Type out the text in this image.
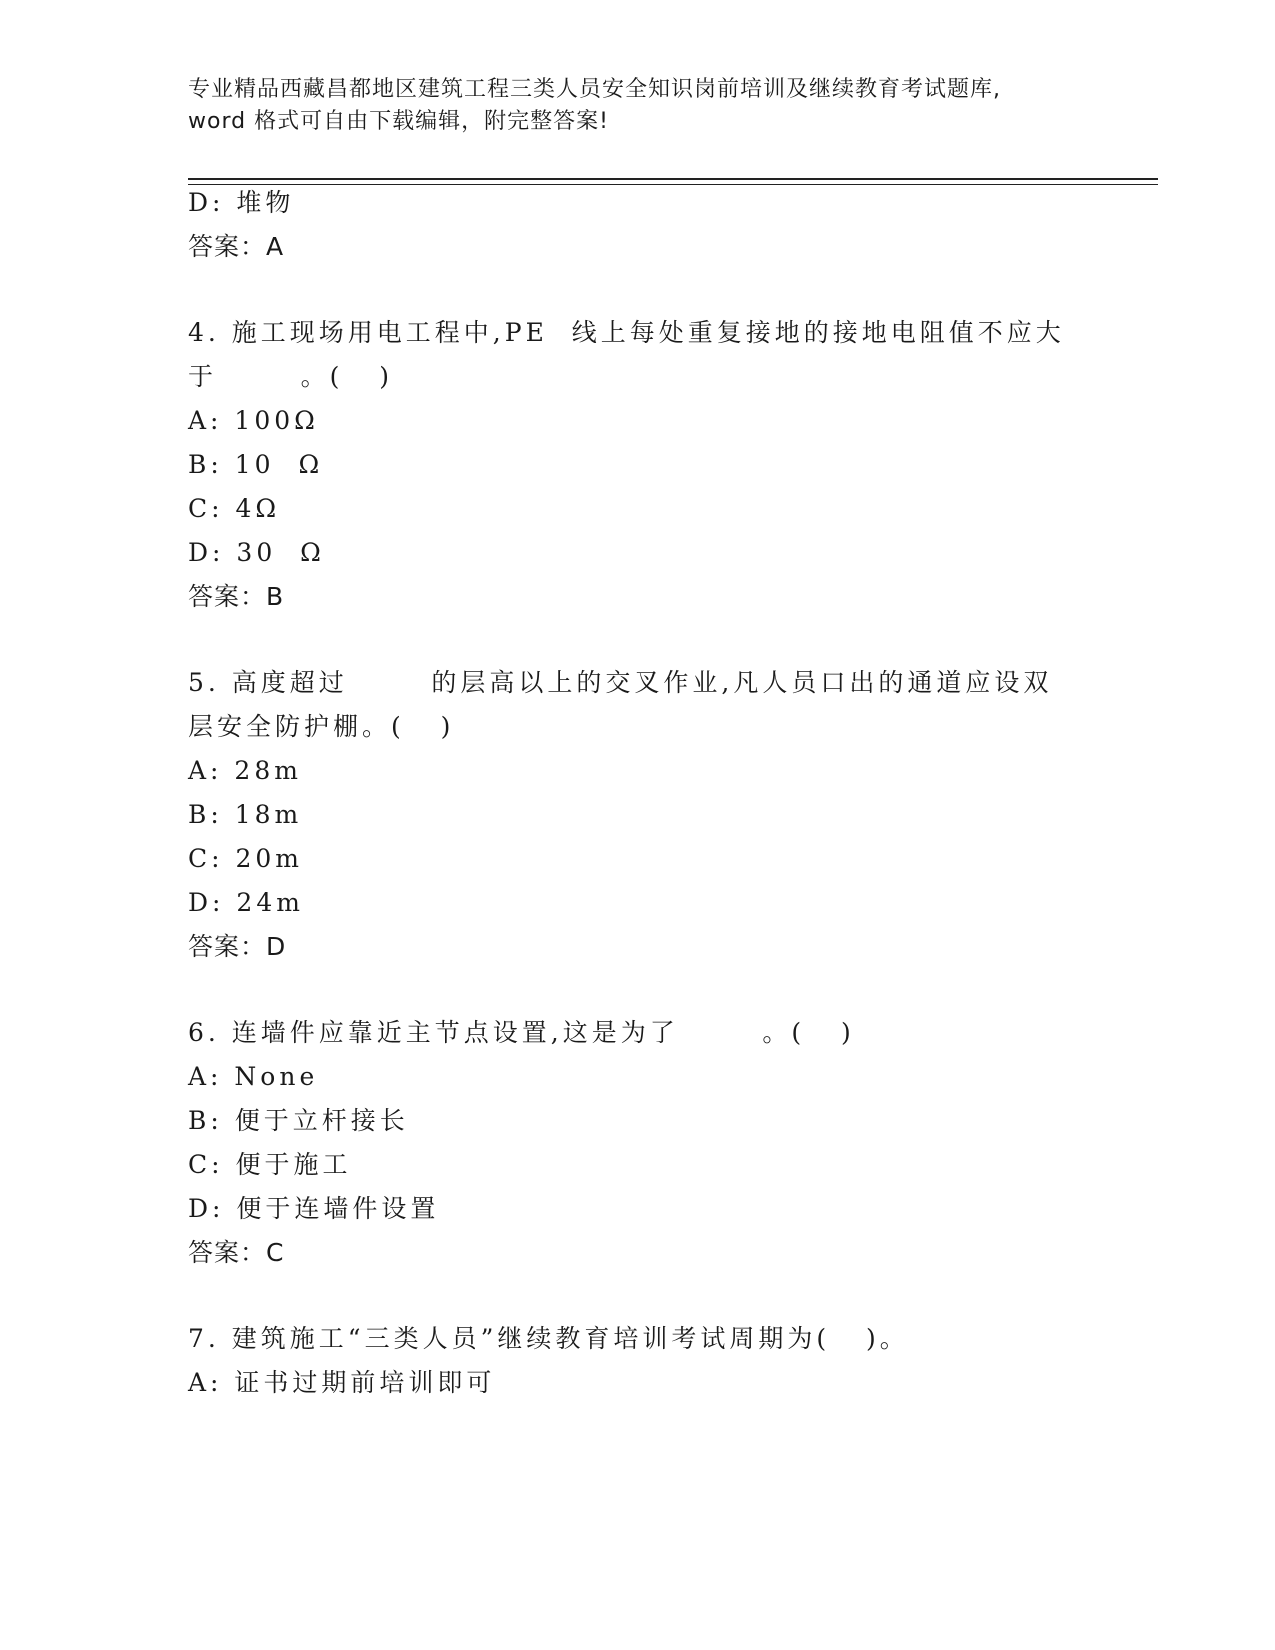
专业精品西藏昌都地区建筑工程三类人员安全知识岗前培训及继续教育考试题库,
word 格式可自由下载编辑，附完整答案!
D: 堆物
答案：A
4. 施工现场用电工程中,PE  线上每处重复接地的接地电阻值不应大
于       。(   )
A: 100Ω
B: 10  Ω
C: 4Ω
D: 30  Ω
答案：B
5. 高度超过       的层高以上的交叉作业,凡人员口出的通道应设双
层安全防护棚。(   )
A: 28m
B: 18m
C: 20m
D: 24m
答案：D
6. 连墙件应靠近主节点设置,这是为了       。(   )
A: None
B: 便于立杆接长
C: 便于施工
D: 便于连墙件设置
答案：C
7. 建筑施工“三类人员”继续教育培训考试周期为(   )。
A: 证书过期前培训即可
